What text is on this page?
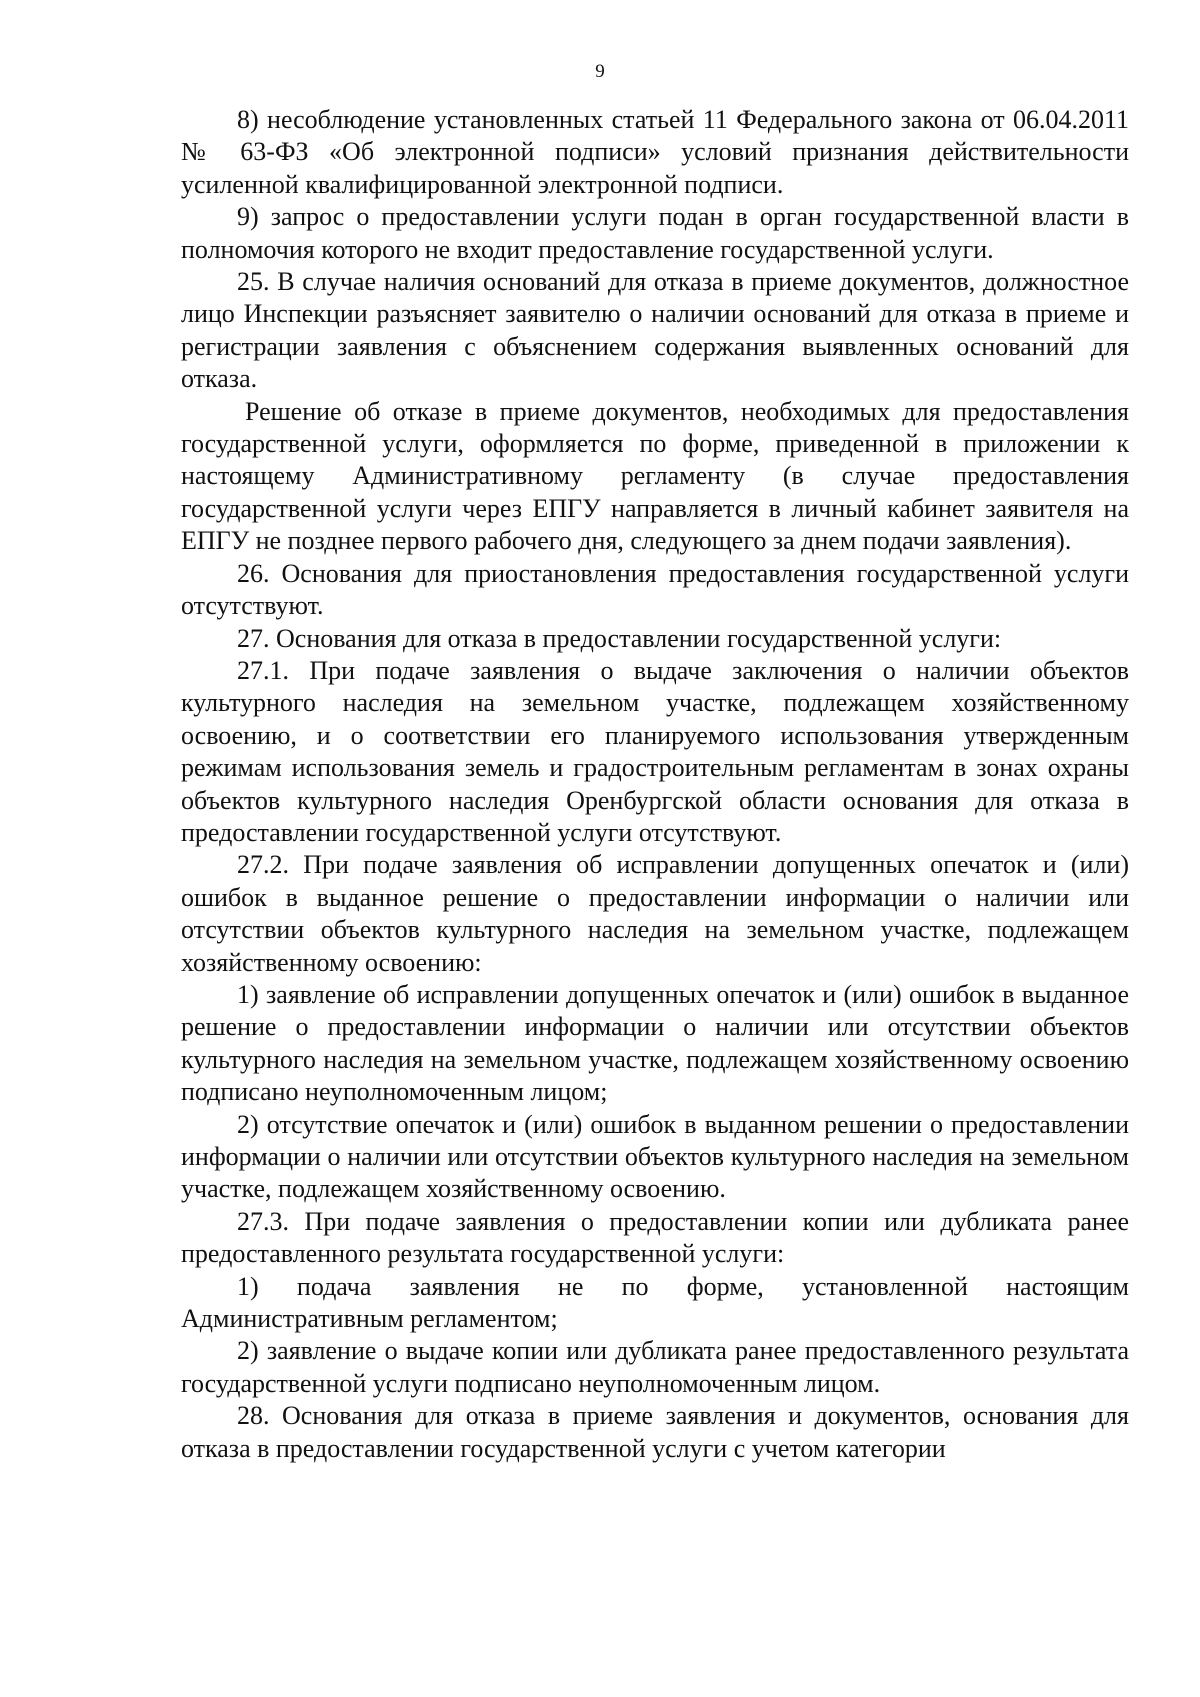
9

8) несоблюдение установленных статьей 11 Федерального закона от 06.04.2011 № 63-ФЗ «Об электронной подписи» условий признания действительности усиленной квалифицированной электронной подписи.

9) запрос о предоставлении услуги подан в орган государственной власти в полномочия которого не входит предоставление государственной услуги.

25. В случае наличия оснований для отказа в приеме документов, должностное лицо Инспекции разъясняет заявителю о наличии оснований для отказа в приеме и регистрации заявления с объяснением содержания выявленных оснований для отказа.

Решение об отказе в приеме документов, необходимых для предоставления государственной услуги, оформляется по форме, приведенной в приложении к настоящему Административному регламенту (в случае предоставления государственной услуги через ЕПГУ направляется в личный кабинет заявителя на ЕПГУ не позднее первого рабочего дня, следующего за днем подачи заявления).

26. Основания для приостановления предоставления государственной услуги отсутствуют.

27. Основания для отказа в предоставлении государственной услуги:

27.1. При подаче заявления о выдаче заключения о наличии объектов культурного наследия на земельном участке, подлежащем хозяйственному освоению, и о соответствии его планируемого использования утвержденным режимам использования земель и градостроительным регламентам в зонах охраны объектов культурного наследия Оренбургской области основания для отказа в предоставлении государственной услуги отсутствуют.

27.2. При подаче заявления об исправлении допущенных опечаток и (или) ошибок в выданное решение о предоставлении информации о наличии или отсутствии объектов культурного наследия на земельном участке, подлежащем хозяйственному освоению:

1) заявление об исправлении допущенных опечаток и (или) ошибок в выданное решение о предоставлении информации о наличии или отсутствии объектов культурного наследия на земельном участке, подлежащем хозяйственному освоению подписано неуполномоченным лицом;

2) отсутствие опечаток и (или) ошибок в выданном решении о предоставлении информации о наличии или отсутствии объектов культурного наследия на земельном участке, подлежащем хозяйственному освоению.

27.3. При подаче заявления о предоставлении копии или дубликата ранее предоставленного результата государственной услуги:

1) подача заявления не по форме, установленной настоящим Административным регламентом;

2) заявление о выдаче копии или дубликата ранее предоставленного результата государственной услуги подписано неуполномоченным лицом.

28. Основания для отказа в приеме заявления и документов, основания для отказа в предоставлении государственной услуги с учетом категории
